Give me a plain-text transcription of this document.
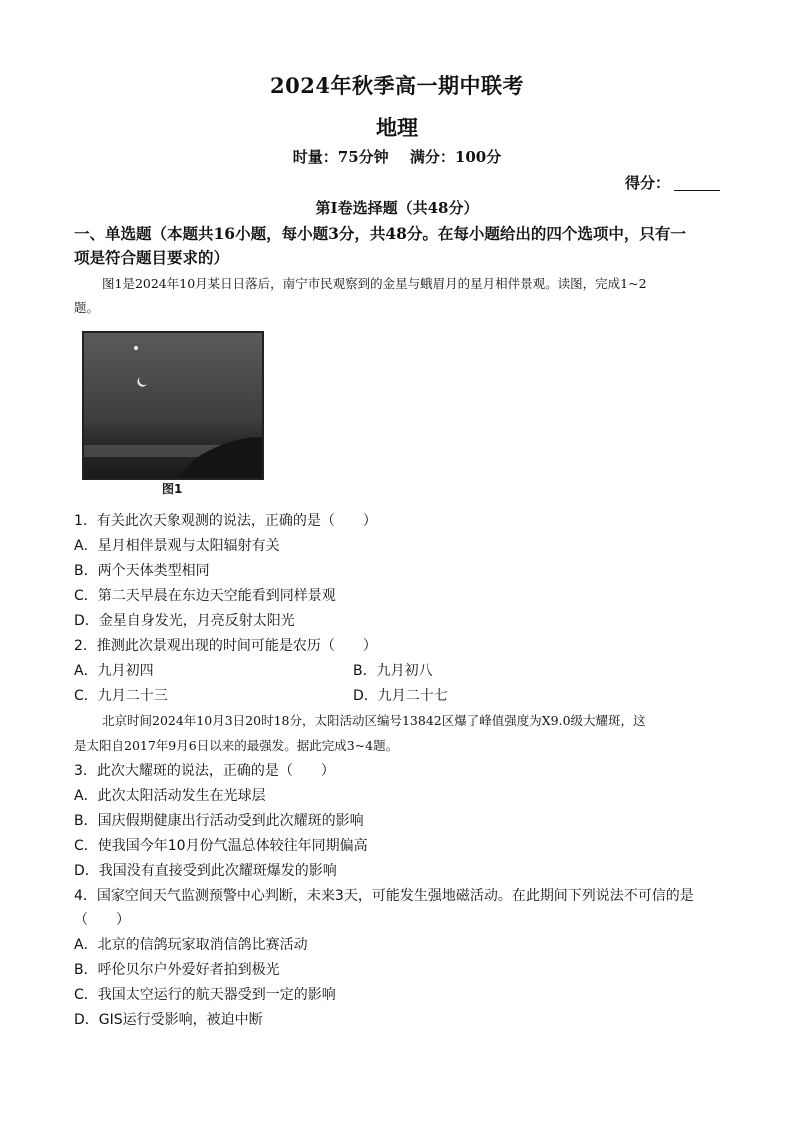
2024年秋季高一期中联考
地理
时量：75分钟 满分：100分
得分：
第Ⅰ卷选择题（共48分）
一、单选题（本题共16小题，每小题3分，共48分。在每小题给出的四个选项中，只有一
项是符合题目要求的）
图1是2024年10月某日日落后，南宁市民观察到的金星与蛾眉月的星月相伴景观。读图，完成1~2
题。
图1
1．有关此次天象观测的说法，正确的是（　　）
A．星月相伴景观与太阳辐射有关
B．两个天体类型相同
C．第二天早晨在东边天空能看到同样景观
D．金星自身发光，月亮反射太阳光
2．推测此次景观出现的时间可能是农历（　　）
A．九月初四	B．九月初八
C．九月二十三	D．九月二十七
北京时间2024年10月3日20时18分，太阳活动区编号13842区爆了峰值强度为X9.0级大耀斑，这
是太阳自2017年9月6日以来的最强发。据此完成3~4题。
3．此次大耀斑的说法，正确的是（　　）
A．此次太阳活动发生在光球层
B．国庆假期健康出行活动受到此次耀斑的影响
C．使我国今年10月份气温总体较往年同期偏高
D．我国没有直接受到此次耀斑爆发的影响
4．国家空间天气监测预警中心判断，未来3天，可能发生强地磁活动。在此期间下列说法不可信的是
（　　）
A．北京的信鸽玩家取消信鸽比赛活动
B．呼伦贝尔户外爱好者拍到极光
C．我国太空运行的航天器受到一定的影响
D．GIS运行受影响，被迫中断
